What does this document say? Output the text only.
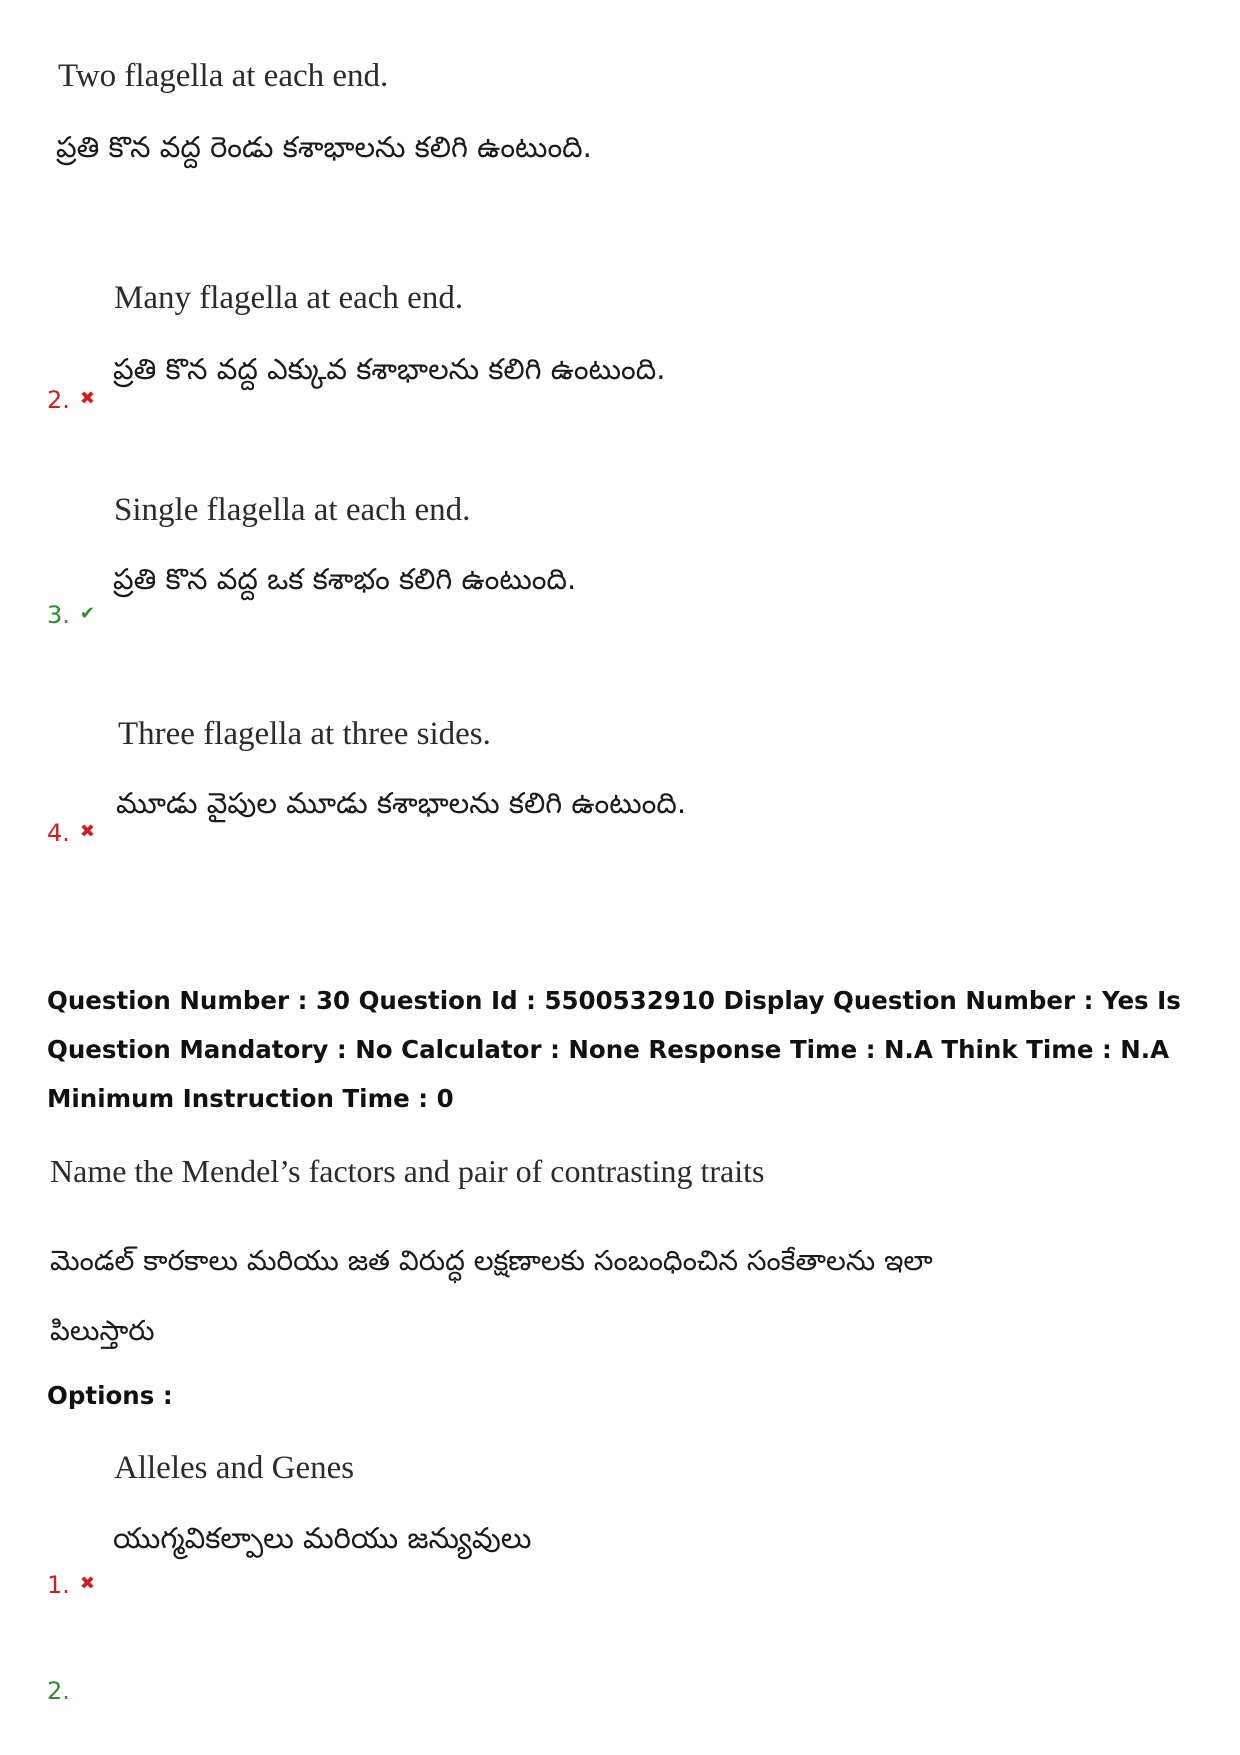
Two flagella at each end.
ప్రతి కొన వద్ద రెండు కశాభాలను కలిగి ఉంటుంది.
Many flagella at each end.
ప్రతి కొన వద్ద ఎక్కువ కశాభాలను కలిగి ఉంటుంది.
2. ✖
Single flagella at each end.
ప్రతి కొన వద్ద ఒక కశాభం కలిగి ఉంటుంది.
3. ✔
Three flagella at three sides.
మూడు వైపుల మూడు కశాభాలను కలిగి ఉంటుంది.
4. ✖
Question Number : 30 Question Id : 5500532910 Display Question Number : Yes Is Question Mandatory : No Calculator : None Response Time : N.A Think Time : N.A Minimum Instruction Time : 0
Name the Mendel’s factors and pair of contrasting traits
మెండల్ కారకాలు మరియు జత విరుద్ధ లక్షణాలకు సంబంధించిన సంకేతాలను ఇలా
పిలుస్తారు
Options :
Alleles and Genes
యుగ్మవికల్పాలు మరియు జన్యువులు
1. ✖
2.
